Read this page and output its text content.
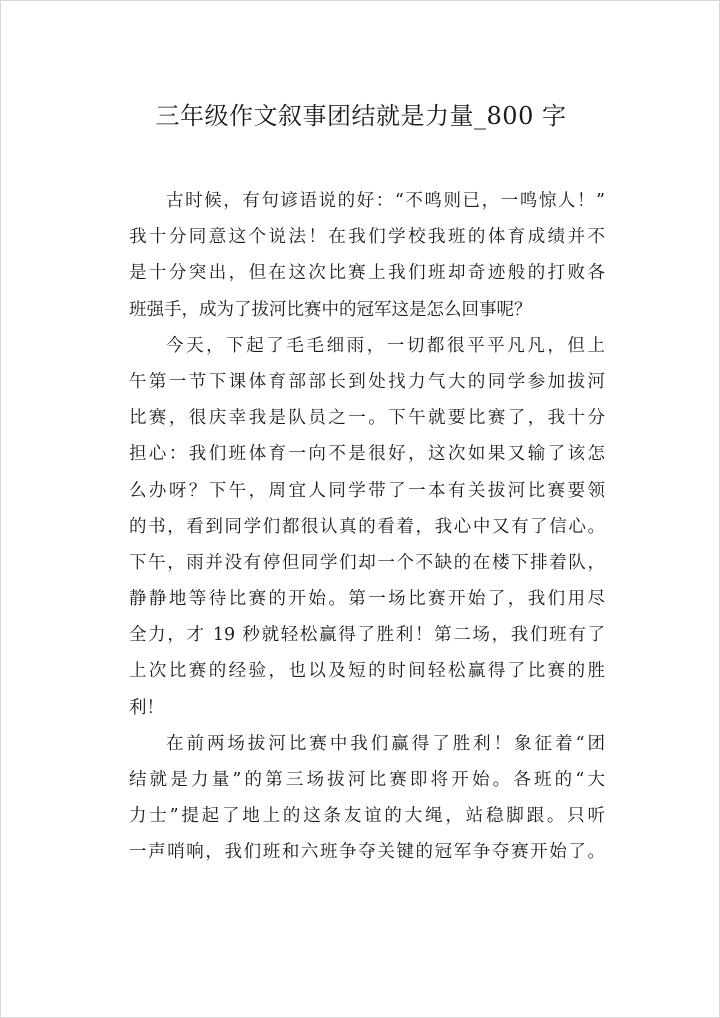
三年级作文叙事团结就是力量_800 字
古时候，有句谚语说的好：“不鸣则已，一鸣惊人！”
我十分同意这个说法！在我们学校我班的体育成绩并不
是十分突出，但在这次比赛上我们班却奇迹般的打败各
班强手，成为了拔河比赛中的冠军这是怎么回事呢？
今天，下起了毛毛细雨，一切都很平平凡凡，但上
午第一节下课体育部部长到处找力气大的同学参加拔河
比赛，很庆幸我是队员之一。下午就要比赛了，我十分
担心：我们班体育一向不是很好，这次如果又输了该怎
么办呀？下午，周宜人同学带了一本有关拔河比赛要领
的书，看到同学们都很认真的看着，我心中又有了信心。
下午，雨并没有停但同学们却一个不缺的在楼下排着队，
静静地等待比赛的开始。第一场比赛开始了，我们用尽
全力，才 19 秒就轻松赢得了胜利！第二场，我们班有了
上次比赛的经验，也以及短的时间轻松赢得了比赛的胜
利！
在前两场拔河比赛中我们赢得了胜利！象征着“团
结就是力量”的第三场拔河比赛即将开始。各班的“大
力士”提起了地上的这条友谊的大绳，站稳脚跟。只听
一声哨响，我们班和六班争夺关键的冠军争夺赛开始了。
